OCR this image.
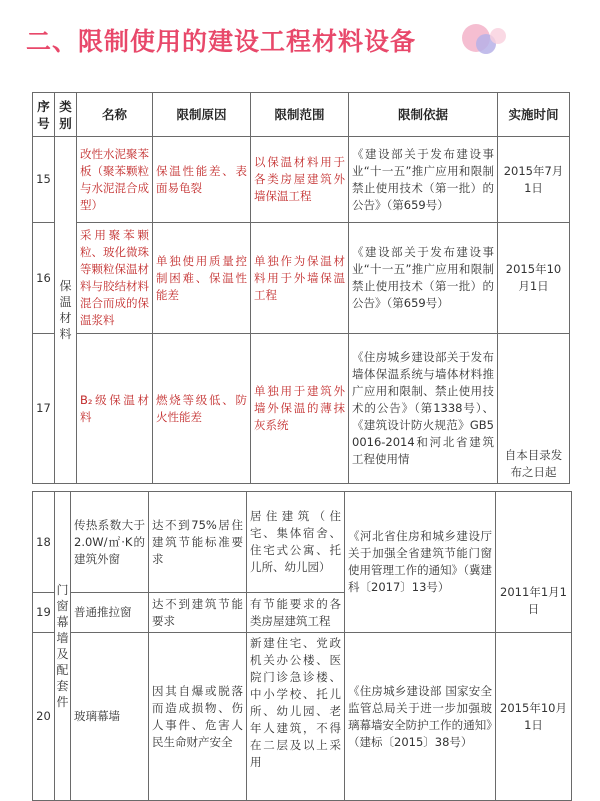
二、限制使用的建设工程材料设备
序号	类别	名称	限制原因	限制范围	限制依据	实施时间
15	保温材料	改性水泥聚苯板（聚苯颗粒与水泥混合成型）	保温性能差、表面易龟裂	以保温材料用于各类房屋建筑外墙保温工程	《建设部关于发布建设事业“十一五”推广应用和限制禁止使用技术（第一批）的公告》（第659号）	2015年7月1日
16		采用聚苯颗粒、玻化微珠等颗粒保温材料与胶结材料混合而成的保温浆料	单独使用质量控制困难、保温性能差	单独作为保温材料用于外墙保温工程	《建设部关于发布建设事业“十一五”推广应用和限制禁止使用技术（第一批）的公告》（第659号）	2015年10月1日
17		B₂级保温材料	燃烧等级低、防火性能差	单独用于建筑外墙外保温的薄抹灰系统	《住房城乡建设部关于发布墙体保温系统与墙体材料推广应用和限制、禁止使用技术的公告》（第1338号）、《建筑设计防火规范》GB50016-2014和河北省建筑工程使用情	自本目录发布之日起
18	门窗幕墙及配套件	传热系数大于2.0W/㎡·K的建筑外窗	达不到75%居住建筑节能标准要求	居住建筑（住宅、集体宿舍、住宅式公寓、托儿所、幼儿园）	《河北省住房和城乡建设厅关于加强全省建筑节能门窗使用管理工作的通知》（冀建科〔2017〕13号）	2011年1月1日
19		普通推拉窗	达不到建筑节能要求	有节能要求的各类房屋建筑工程		
20		玻璃幕墙	因其自爆或脱落而造成损物、伤人事件、危害人民生命财产安全	新建住宅、党政机关办公楼、医院门诊急诊楼、中小学校、托儿所、幼儿园、老年人建筑，不得在二层及以上采用	《住房城乡建设部 国家安全监管总局关于进一步加强玻璃幕墙安全防护工作的通知》（建标〔2015〕38号）	2015年10月1日
